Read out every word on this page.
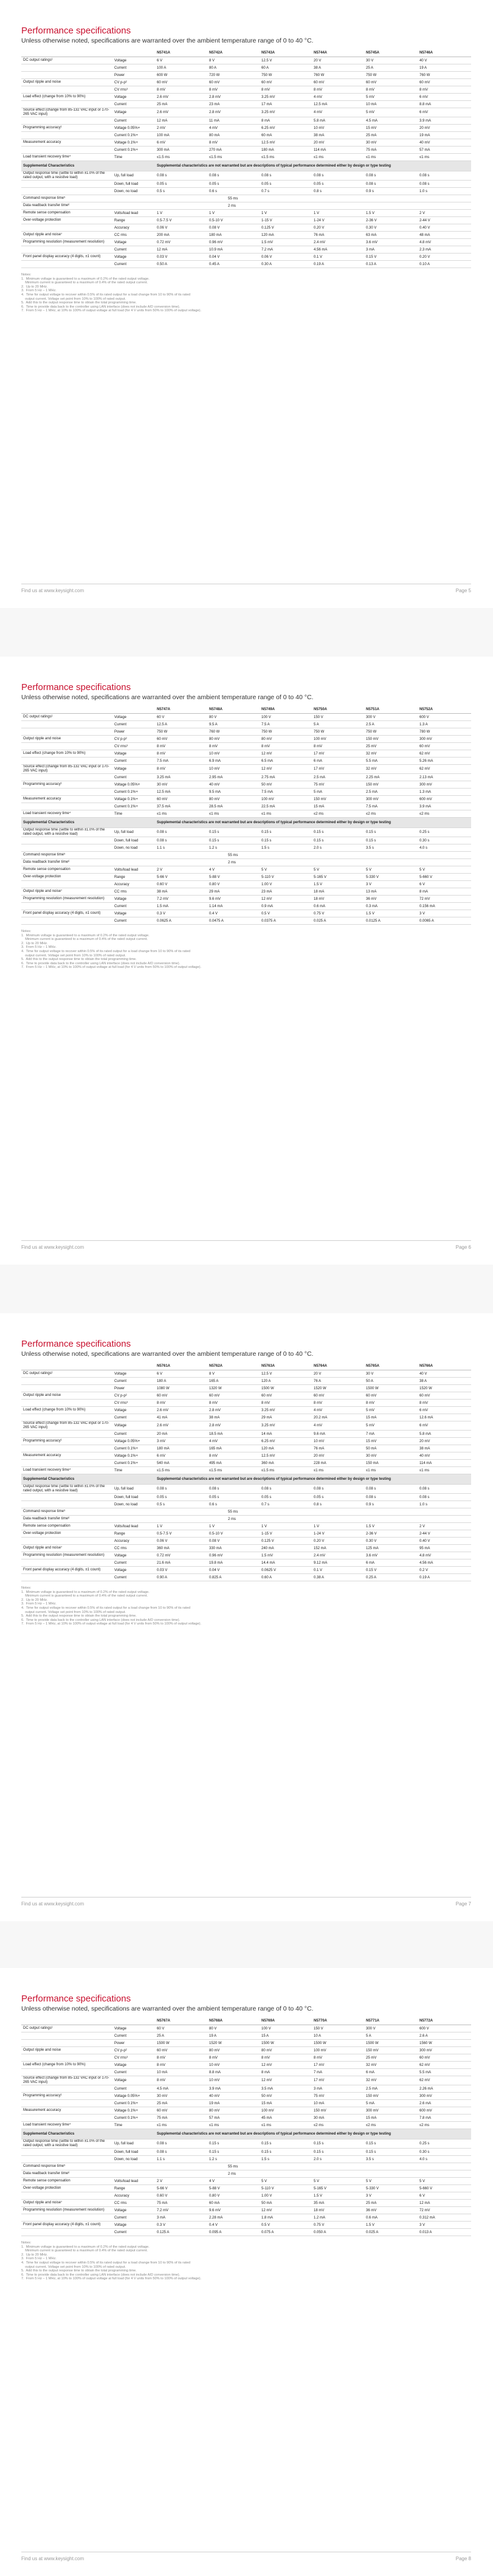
Performance specifications
Unless otherwise noted, specifications are warranted over the ambient temperature range of 0 to 40 °C.
		N5741A	N5742A	N5743A	N5744A	N5745A	N5746A
DC output ratings¹	Voltage	6 V	8 V	12.5 V	20 V	30 V	40 V
	Current	100 A	80 A	60 A	38 A	25 A	19 A
	Power	600 W	720 W	750 W	760 W	750 W	760 W
Output ripple and noise	CV p-p²	60 mV	60 mV	60 mV	60 mV	60 mV	60 mV
	CV rms³	8 mV	8 mV	8 mV	8 mV	8 mV	8 mV
Load effect (change from 10% to 90%)	Voltage	2.6 mV	2.8 mV	3.25 mV	4 mV	5 mV	6 mV
	Current	25 mA	23 mA	17 mA	12.5 mA	10 mA	8.8 mA
Source effect (change from 85-132 VAC input or 170-265 VAC input)	Voltage	2.6 mV	2.8 mV	3.25 mV	4 mV	5 mV	6 mV
	Current	12 mA	11 mA	8 mA	5.8 mA	4.5 mA	3.9 mA
Programming accuracy¹	Voltage 0.05%+	2 mV	4 mV	6.25 mV	10 mV	15 mV	20 mV
	Current 0.1%+	100 mA	80 mA	60 mA	38 mA	25 mA	19 mA
Measurement accuracy	Voltage 0.1%+	6 mV	8 mV	12.5 mV	20 mV	30 mV	40 mV
	Current 0.1%+	300 mA	270 mA	180 mA	114 mA	75 mA	57 mA
Load transient recovery time⁴	Time	≤1.5 ms	≤1.5 ms	≤1.5 ms	≤1 ms	≤1 ms	≤1 ms
Supplemental Characteristics		Supplemental characteristics are not warranted but are descriptions of typical performance determined either by design or type testing					
Output response time (settle to within ±1.0% of the rated output, with a resistive load)	Up, full load	0.08 s	0.08 s	0.08 s	0.08 s	0.08 s	0.08 s
	Down, full load	0.05 s	0.05 s	0.05 s	0.05 s	0.08 s	0.08 s
	Down, no load	0.5 s	0.6 s	0.7 s	0.8 s	0.9 s	1.0 s
Command response time⁵		55 ms					
Data readback transfer time⁶		2 ms					
Remote sense compensation	Volts/load lead	1 V	1 V	1 V	1 V	1.5 V	2 V
Over-voltage protection	Range	0.5-7.5 V	0.5-10 V	1-15 V	1-24 V	2-36 V	2-44 V
	Accuracy	0.06 V	0.08 V	0.125 V	0.20 V	0.30 V	0.40 V
Output ripple and noise⁷	CC rms	200 mA	180 mA	120 mA	76 mA	63 mA	48 mA
Programming resolution (measurement resolution)	Voltage	0.72 mV	0.96 mV	1.5 mV	2.4 mV	3.6 mV	4.8 mV
	Current	12 mA	10.9 mA	7.2 mA	4.56 mA	3 mA	2.3 mA
Front panel display accuracy (4 digits, ±1 count)	Voltage	0.03 V	0.04 V	0.06 V	0.1 V	0.15 V	0.20 V
	Current	0.50 A	0.45 A	0.30 A	0.19 A	0.13 A	0.10 A

Notes:

1.  Minimum voltage is guaranteed to a maximum of 0.2% of the rated output voltage.

Minimum current is guaranteed to a maximum of 0.4% of the rated output current.

2.  Up to 20 MHz.

3.  From 5 Hz – 1 MHz.

4.  Time for output voltage to recover within 0.5% of its rated output for a load change from 10 to 90% of its rated

output current. Voltage set point from 10% to 100% of rated output.

5.  Add this to the output response time to obtain the total programming time.

6.  Time to provide data back to the controller using LAN interface (does not include A/D conversion time).

7.  From 5 Hz – 1 MHz, at 10% to 100% of output voltage at full load (for 4 V units from 50% to 100% of output voltage).

Find us at www.keysight.com	Page 5
Performance specifications
Unless otherwise noted, specifications are warranted over the ambient temperature range of 0 to 40 °C.
		N5747A	N5748A	N5749A	N5750A	N5751A	N5752A
DC output ratings¹	Voltage	60 V	80 V	100 V	150 V	300 V	600 V
	Current	12.5 A	9.5 A	7.5 A	5 A	2.5 A	1.3 A
	Power	750 W	760 W	750 W	750 W	750 W	780 W
Output ripple and noise	CV p-p²	60 mV	80 mV	80 mV	100 mV	150 mV	300 mV
	CV rms³	8 mV	8 mV	8 mV	8 mV	25 mV	60 mV
Load effect (change from 10% to 90%)	Voltage	8 mV	10 mV	12 mV	17 mV	32 mV	62 mV
	Current	7.5 mA	6.9 mA	6.5 mA	6 mA	5.5 mA	5.26 mA
Source effect (change from 85-132 VAC input or 170-265 VAC input)	Voltage	8 mV	10 mV	12 mV	17 mV	32 mV	62 mV
	Current	3.25 mA	2.95 mA	2.75 mA	2.5 mA	2.25 mA	2.13 mA
Programming accuracy¹	Voltage 0.05%+	30 mV	40 mV	50 mV	75 mV	150 mV	300 mV
	Current 0.1%+	12.5 mA	9.5 mA	7.5 mA	5 mA	2.5 mA	1.3 mA
Measurement accuracy	Voltage 0.1%+	60 mV	80 mV	100 mV	150 mV	300 mV	600 mV
	Current 0.1%+	37.5 mA	28.5 mA	22.5 mA	15 mA	7.5 mA	3.9 mA
Load transient recovery time⁴	Time	≤1 ms	≤1 ms	≤1 ms	≤2 ms	≤2 ms	≤2 ms
Supplemental Characteristics		Supplemental characteristics are not warranted but are descriptions of typical performance determined either by design or type testing					
Output response time (settle to within ±1.0% of the rated output, with a resistive load)	Up, full load	0.08 s	0.15 s	0.15 s	0.15 s	0.15 s	0.25 s
	Down, full load	0.08 s	0.15 s	0.15 s	0.15 s	0.15 s	0.30 s
	Down, no load	1.1 s	1.2 s	1.5 s	2.0 s	3.5 s	4.0 s
Command response time⁵		55 ms					
Data readback transfer time⁶		2 ms					
Remote sense compensation	Volts/load lead	2 V	4 V	5 V	5 V	5 V	5 V
Over-voltage protection	Range	5-66 V	5-88 V	5-110 V	5-165 V	5-330 V	5-660 V
	Accuracy	0.60 V	0.80 V	1.00 V	1.5 V	3 V	6 V
Output ripple and noise⁷	CC rms	38 mA	29 mA	23 mA	18 mA	13 mA	8 mA
Programming resolution (measurement resolution)	Voltage	7.2 mV	9.6 mV	12 mV	18 mV	36 mV	72 mV
	Current	1.5 mA	1.14 mA	0.9 mA	0.6 mA	0.3 mA	0.156 mA
Front panel display accuracy (4 digits, ±1 count)	Voltage	0.3 V	0.4 V	0.5 V	0.75 V	1.5 V	3 V
	Current	0.0625 A	0.0475 A	0.0375 A	0.025 A	0.0125 A	0.0065 A

Notes:

1.  Minimum voltage is guaranteed to a maximum of 0.2% of the rated output voltage.

Minimum current is guaranteed to a maximum of 0.4% of the rated output current.

2.  Up to 20 MHz.

3.  From 5 Hz – 1 MHz.

4.  Time for output voltage to recover within 0.5% of its rated output for a load change from 10 to 90% of its rated

output current. Voltage set point from 10% to 100% of rated output.

5.  Add this to the output response time to obtain the total programming time.

6.  Time to provide data back to the controller using LAN interface (does not include A/D conversion time).

7.  From 5 Hz – 1 MHz, at 10% to 100% of output voltage at full load (for 4 V units from 50% to 100% of output voltage).

Find us at www.keysight.com	Page 6
Performance specifications
Unless otherwise noted, specifications are warranted over the ambient temperature range of 0 to 40 °C.
		N5761A	N5762A	N5763A	N5764A	N5765A	N5766A
DC output ratings¹	Voltage	6 V	8 V	12.5 V	20 V	30 V	40 V
	Current	180 A	165 A	120 A	76 A	50 A	38 A
	Power	1080 W	1320 W	1500 W	1520 W	1500 W	1520 W
Output ripple and noise	CV p-p²	60 mV	60 mV	60 mV	60 mV	60 mV	60 mV
	CV rms³	8 mV	8 mV	8 mV	8 mV	8 mV	8 mV
Load effect (change from 10% to 90%)	Voltage	2.6 mV	2.8 mV	3.25 mV	4 mV	5 mV	6 mV
	Current	41 mA	38 mA	29 mA	20.2 mA	15 mA	12.6 mA
Source effect (change from 85-132 VAC input or 170-265 VAC input)	Voltage	2.6 mV	2.8 mV	3.25 mV	4 mV	5 mV	6 mV
	Current	20 mA	18.5 mA	14 mA	9.6 mA	7 mA	5.8 mA
Programming accuracy¹	Voltage 0.05%+	3 mV	4 mV	6.25 mV	10 mV	15 mV	20 mV
	Current 0.1%+	180 mA	165 mA	120 mA	76 mA	50 mA	38 mA
Measurement accuracy	Voltage 0.1%+	6 mV	8 mV	12.5 mV	20 mV	30 mV	40 mV
	Current 0.1%+	540 mA	495 mA	360 mA	228 mA	150 mA	114 mA
Load transient recovery time⁴	Time	≤1.5 ms	≤1.5 ms	≤1.5 ms	≤1 ms	≤1 ms	≤1 ms
Supplemental Characteristics		Supplemental characteristics are not warranted but are descriptions of typical performance determined either by design or type testing					
Output response time (settle to within ±1.0% of the rated output, with a resistive load)	Up, full load	0.08 s	0.08 s	0.08 s	0.08 s	0.08 s	0.08 s
	Down, full load	0.05 s	0.05 s	0.05 s	0.05 s	0.08 s	0.08 s
	Down, no load	0.5 s	0.6 s	0.7 s	0.8 s	0.9 s	1.0 s
Command response time⁵		55 ms					
Data readback transfer time⁶		2 ms					
Remote sense compensation	Volts/load lead	1 V	1 V	1 V	1 V	1.5 V	2 V
Over-voltage protection	Range	0.5-7.5 V	0.5-10 V	1-15 V	1-24 V	2-36 V	2-44 V
	Accuracy	0.06 V	0.08 V	0.125 V	0.20 V	0.30 V	0.40 V
Output ripple and noise⁷	CC rms	360 mA	330 mA	240 mA	152 mA	125 mA	95 mA
Programming resolution (measurement resolution)	Voltage	0.72 mV	0.96 mV	1.5 mV	2.4 mV	3.6 mV	4.8 mV
	Current	21.6 mA	19.8 mA	14.4 mA	9.12 mA	6 mA	4.56 mA
Front panel display accuracy (4 digits, ±1 count)	Voltage	0.03 V	0.04 V	0.0625 V	0.1 V	0.15 V	0.2 V
	Current	0.90 A	0.825 A	0.60 A	0.38 A	0.25 A	0.19 A

Notes:

1.  Minimum voltage is guaranteed to a maximum of 0.2% of the rated output voltage.

Minimum current is guaranteed to a maximum of 0.4% of the rated output current.

2.  Up to 20 MHz.

3.  From 5 Hz – 1 MHz.

4.  Time for output voltage to recover within 0.5% of its rated output for a load change from 10 to 90% of its rated

output current. Voltage set point from 10% to 100% of rated output.

5.  Add this to the output response time to obtain the total programming time.

6.  Time to provide data back to the controller using LAN interface (does not include A/D conversion time).

7.  From 5 Hz – 1 MHz, at 10% to 100% of output voltage at full load (for 4 V units from 50% to 100% of output voltage).

Find us at www.keysight.com	Page 7
Performance specifications
Unless otherwise noted, specifications are warranted over the ambient temperature range of 0 to 40 °C.
		N5767A	N5768A	N5769A	N5770A	N5771A	N5772A
DC output ratings¹	Voltage	60 V	80 V	100 V	150 V	300 V	600 V
	Current	25 A	19 A	15 A	10 A	5 A	2.6 A
	Power	1500 W	1520 W	1500 W	1500 W	1500 W	1560 W
Output ripple and noise	CV p-p²	60 mV	80 mV	80 mV	100 mV	150 mV	300 mV
	CV rms³	8 mV	8 mV	8 mV	8 mV	25 mV	60 mV
Load effect (change from 10% to 90%)	Voltage	8 mV	10 mV	12 mV	17 mV	32 mV	62 mV
	Current	10 mA	8.8 mA	8 mA	7 mA	6 mA	5.5 mA
Source effect (change from 85-132 VAC input or 170-265 VAC input)	Voltage	8 mV	10 mV	12 mV	17 mV	32 mV	62 mV
	Current	4.5 mA	3.9 mA	3.5 mA	3 mA	2.5 mA	2.26 mA
Programming accuracy¹	Voltage 0.05%+	30 mV	40 mV	50 mV	75 mV	150 mV	300 mV
	Current 0.1%+	25 mA	19 mA	15 mA	10 mA	5 mA	2.6 mA
Measurement accuracy	Voltage 0.1%+	60 mV	80 mV	100 mV	150 mV	300 mV	600 mV
	Current 0.1%+	75 mA	57 mA	45 mA	30 mA	15 mA	7.8 mA
Load transient recovery time⁴	Time	≤1 ms	≤1 ms	≤1 ms	≤2 ms	≤2 ms	≤2 ms
Supplemental Characteristics		Supplemental characteristics are not warranted but are descriptions of typical performance determined either by design or type testing					
Output response time (settle to within ±1.0% of the rated output, with a resistive load)	Up, full load	0.08 s	0.15 s	0.15 s	0.15 s	0.15 s	0.25 s
	Down, full load	0.08 s	0.15 s	0.15 s	0.15 s	0.15 s	0.30 s
	Down, no load	1.1 s	1.2 s	1.5 s	2.0 s	3.5 s	4.0 s
Command response time⁵		55 ms					
Data readback transfer time⁶		2 ms					
Remote sense compensation	Volts/load lead	2 V	4 V	5 V	5 V	5 V	5 V
Over-voltage protection	Range	5-66 V	5-88 V	5-110 V	5-165 V	5-330 V	5-660 V
	Accuracy	0.60 V	0.80 V	1.00 V	1.5 V	3 V	6 V
Output ripple and noise⁷	CC rms	75 mA	60 mA	50 mA	35 mA	25 mA	12 mA
Programming resolution (measurement resolution)	Voltage	7.2 mV	9.6 mV	12 mV	18 mV	36 mV	72 mV
	Current	3 mA	2.28 mA	1.8 mA	1.2 mA	0.6 mA	0.312 mA
Front panel display accuracy (4 digits, ±1 count)	Voltage	0.3 V	0.4 V	0.5 V	0.75 V	1.5 V	3 V
	Current	0.125 A	0.095 A	0.075 A	0.050 A	0.025 A	0.013 A

Notes:

1.  Minimum voltage is guaranteed to a maximum of 0.2% of the rated output voltage.

Minimum current is guaranteed to a maximum of 0.4% of the rated output current.

2.  Up to 20 MHz.

3.  From 5 Hz – 1 MHz.

4.  Time for output voltage to recover within 0.5% of its rated output for a load change from 10 to 90% of its rated

output current. Voltage set point from 10% to 100% of rated output.

5.  Add this to the output response time to obtain the total programming time.

6.  Time to provide data back to the controller using LAN interface (does not include A/D conversion time).

7.  From 5 Hz – 1 MHz, at 10% to 100% of output voltage at full load (for 4 V units from 50% to 100% of output voltage).

Find us at www.keysight.com	Page 8
